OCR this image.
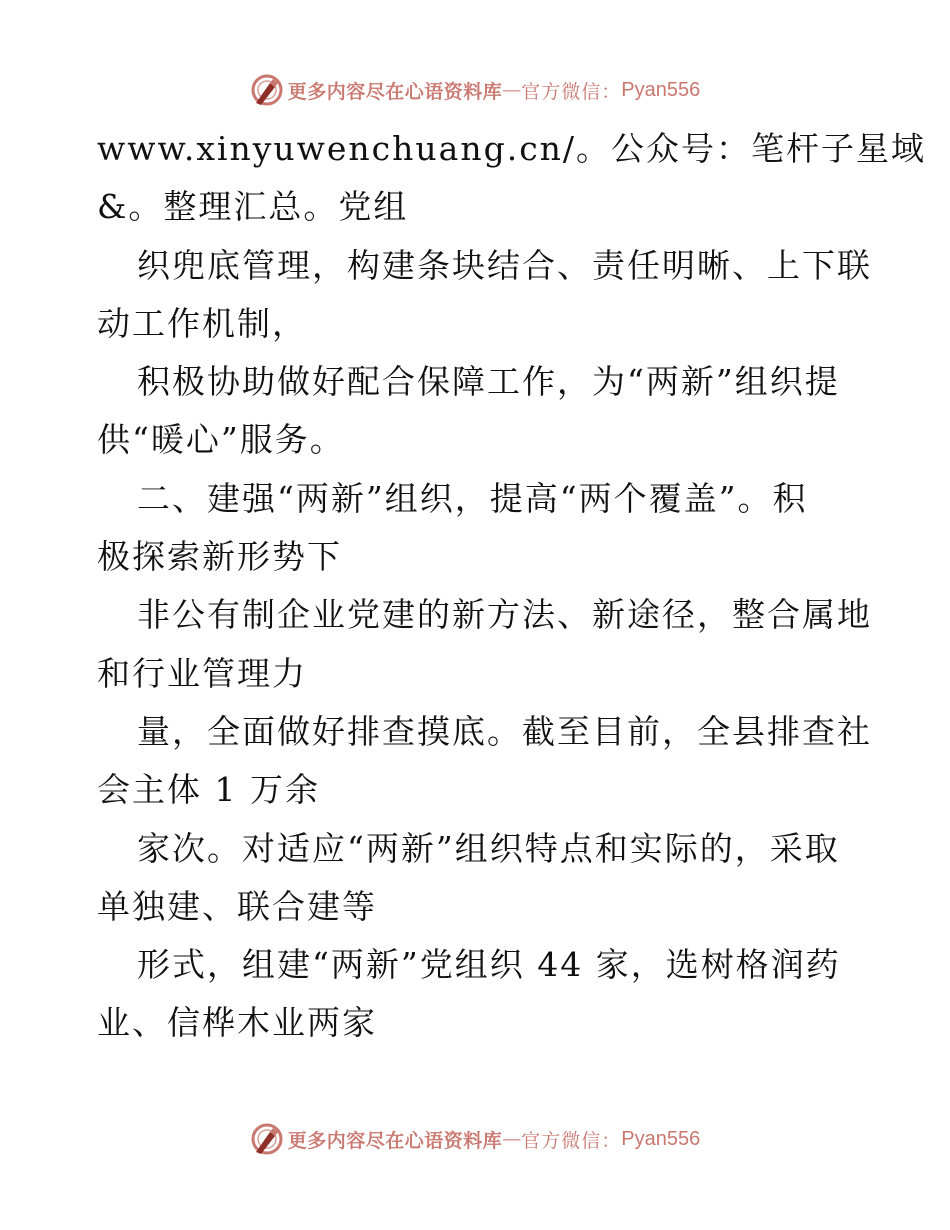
更多内容尽在心语资料库 — 官方微信： Pyan556
www.xinyuwenchuang.cn/。公众号：笔杆子星域
&。整理汇总。党组
织兜底管理，构建条块结合、责任明晰、上下联
动工作机制，
积极协助做好配合保障工作，为“两新”组织提
供“暖心”服务。
二、建强“两新”组织，提高“两个覆盖”。积
极探索新形势下
非公有制企业党建的新方法、新途径，整合属地
和行业管理力
量，全面做好排查摸底。截至目前，全县排查社
会主体 1 万余
家次。对适应“两新”组织特点和实际的，采取
单独建、联合建等
形式，组建“两新”党组织 44 家，选树格润药
业、信桦木业两家
更多内容尽在心语资料库 — 官方微信： Pyan556
